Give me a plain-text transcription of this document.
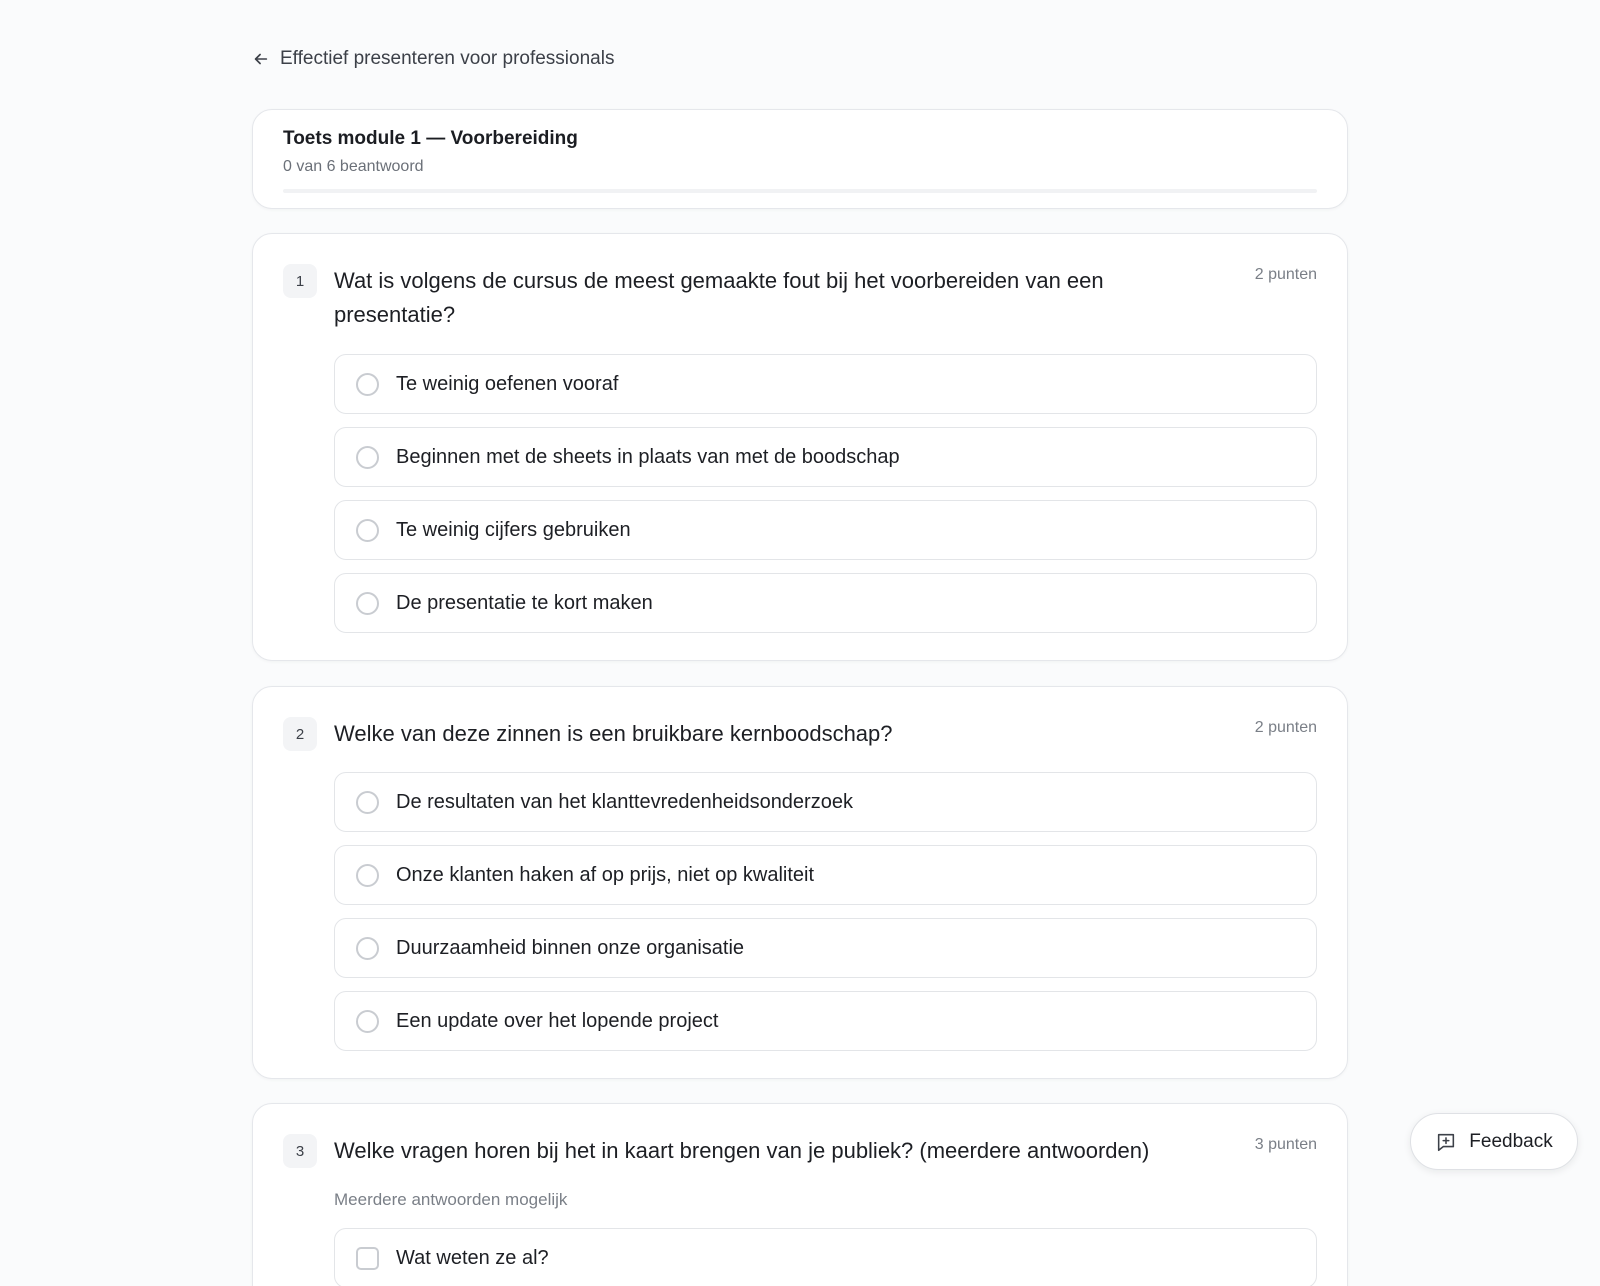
Effectief presenteren voor professionals
Toets module 1 — Voorbereiding
0 van 6 beantwoord
1	Wat is volgens de cursus de meest gemaakte fout bij het voorbereiden van een presentatie?
2 punten
Te weinig oefenen vooraf
Beginnen met de sheets in plaats van met de boodschap
Te weinig cijfers gebruiken
De presentatie te kort maken
2	Welke van deze zinnen is een bruikbare kernboodschap?	2 punten
De resultaten van het klanttevredenheidsonderzoek
Onze klanten haken af op prijs, niet op kwaliteit
Duurzaamheid binnen onze organisatie
Een update over het lopende project
3	Welke vragen horen bij het in kaart brengen van je publiek? (meerdere antwoorden)	3 punten
Meerdere antwoorden mogelijk
Wat weten ze al?
Feedback
